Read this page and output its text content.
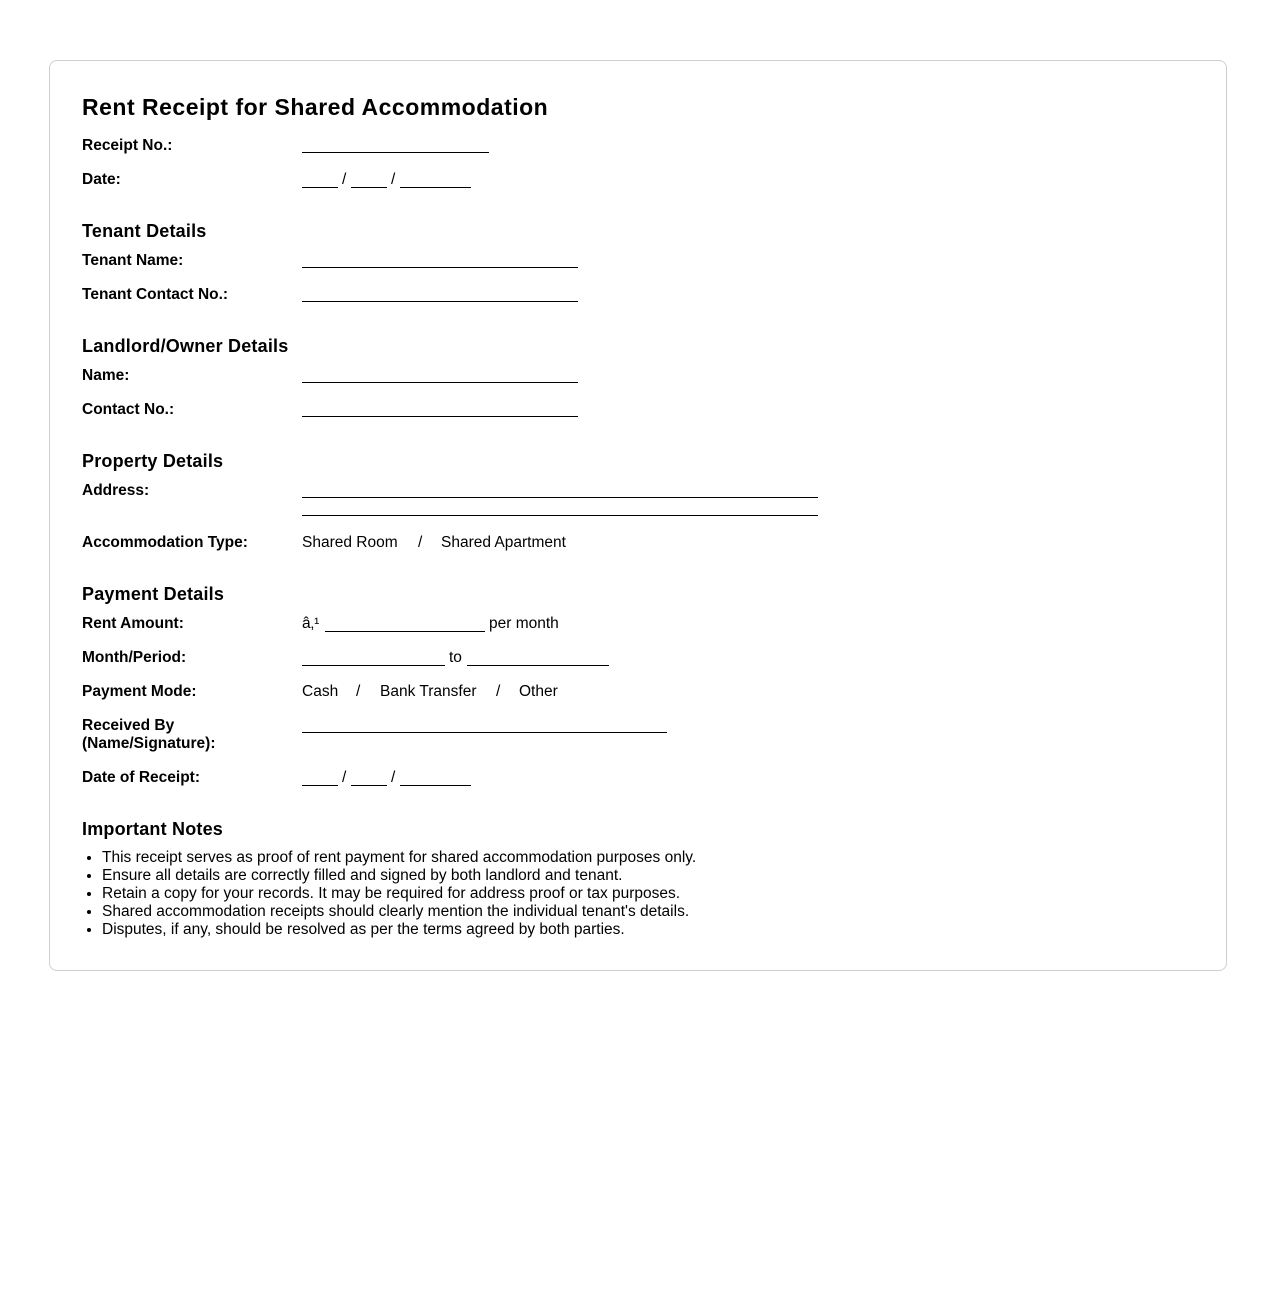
Rent Receipt for Shared Accommodation
Receipt No.:
Date:	/	/
Tenant Details
Tenant Name:
Tenant Contact No.:
Landlord/Owner Details
Name:
Contact No.:
Property Details
Address:
Accommodation Type:	Shared Room / Shared Apartment
Payment Details
Rent Amount:	â‚¹	per month
Month/Period:	to
Payment Mode:	Cash / Bank Transfer / Other
Received By
(Name/Signature):
Date of Receipt:	/	/
Important Notes
• This receipt serves as proof of rent payment for shared accommodation purposes only.
• Ensure all details are correctly filled and signed by both landlord and tenant.
• Retain a copy for your records. It may be required for address proof or tax purposes.
• Shared accommodation receipts should clearly mention the individual tenant's details.
• Disputes, if any, should be resolved as per the terms agreed by both parties.
